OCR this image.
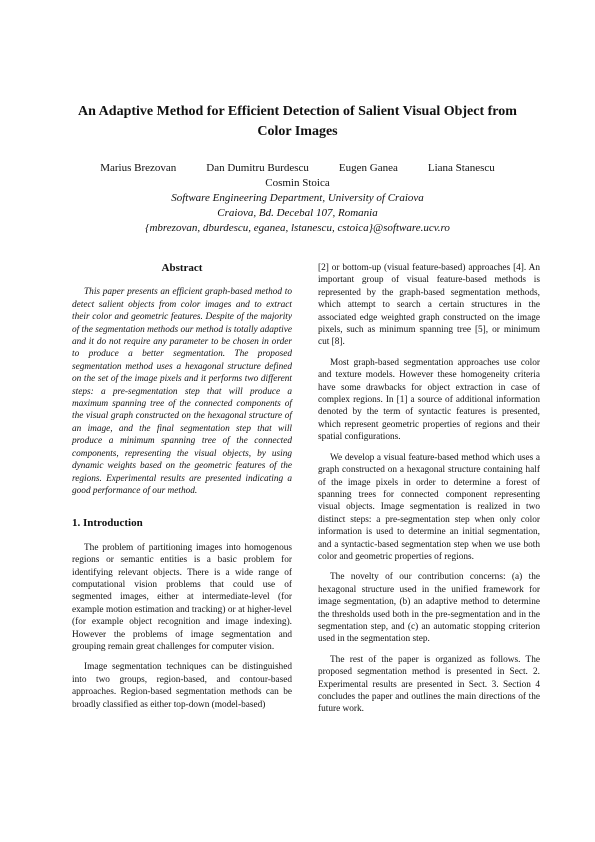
An Adaptive Method for Efficient Detection of Salient Visual Object from Color Images
Marius Brezovan	Dan Dumitru Burdescu	Eugen Ganea	Liana Stanescu
Cosmin Stoica
Software Engineering Department, University of Craiova
Craiova, Bd. Decebal 107, Romania
{mbrezovan, dburdescu, eganea, lstanescu, cstoica}@software.ucv.ro
Abstract

This paper presents an efficient graph-based method to detect salient objects from color images and to extract their color and geometric features. Despite of the majority of the segmentation methods our method is totally adaptive and it do not require any parameter to be chosen in order to produce a better segmentation. The proposed segmentation method uses a hexagonal structure defined on the set of the image pixels and it performs two different steps: a pre-segmentation step that will produce a maximum spanning tree of the connected components of the visual graph constructed on the hexagonal structure of an image, and the final segmentation step that will produce a minimum spanning tree of the connected components, representing the visual objects, by using dynamic weights based on the geometric features of the regions. Experimental results are presented indicating a good performance of our method.

1. Introduction

The problem of partitioning images into homogenous regions or semantic entities is a basic problem for identifying relevant objects. There is a wide range of computational vision problems that could use of segmented images, either at intermediate-level (for example motion estimation and tracking) or at higher-level (for example object recognition and image indexing). However the problems of image segmentation and grouping remain great challenges for computer vision.

Image segmentation techniques can be distinguished into two groups, region-based, and contour-based approaches. Region-based segmentation methods can be broadly classified as either top-down (model-based)

[2] or bottom-up (visual feature-based) approaches [4]. An important group of visual feature-based methods is represented by the graph-based segmentation methods, which attempt to search a certain structures in the associated edge weighted graph constructed on the image pixels, such as minimum spanning tree [5], or minimum cut [8].

Most graph-based segmentation approaches use color and texture models. However these homogeneity criteria have some drawbacks for object extraction in case of complex regions. In [1] a source of additional information denoted by the term of syntactic features is presented, which represent geometric properties of regions and their spatial configurations.

We develop a visual feature-based method which uses a graph constructed on a hexagonal structure containing half of the image pixels in order to determine a forest of spanning trees for connected component representing visual objects. Image segmentation is realized in two distinct steps: a pre-segmentation step when only color information is used to determine an initial segmentation, and a syntactic-based segmentation step when we use both color and geometric properties of regions.

The novelty of our contribution concerns: (a) the hexagonal structure used in the unified framework for image segmentation, (b) an adaptive method to determine the thresholds used both in the pre-segmentation and in the segmentation step, and (c) an automatic stopping criterion used in the segmentation step.

The rest of the paper is organized as follows. The proposed segmentation method is presented in Sect. 2. Experimental results are presented in Sect. 3. Section 4 concludes the paper and outlines the main directions of the future work.
